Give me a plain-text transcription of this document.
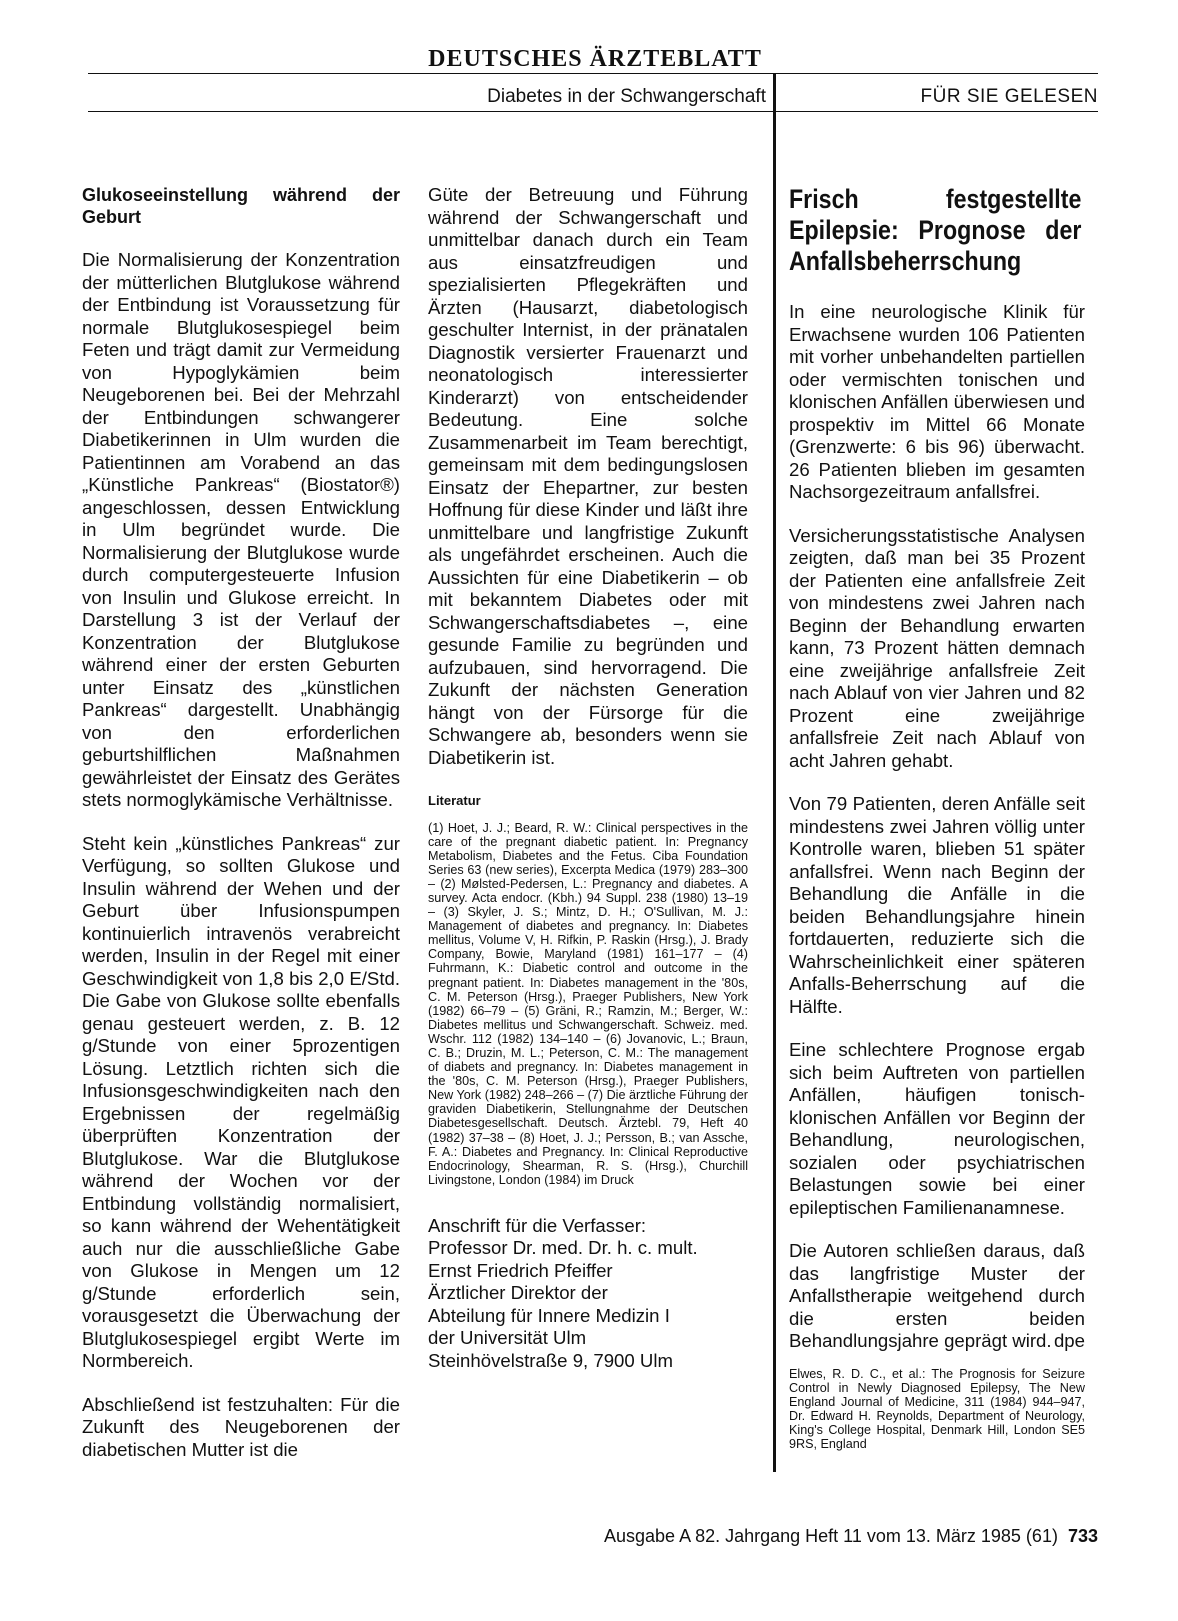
DEUTSCHES ÄRZTEBLATT
Diabetes in der Schwangerschaft	FÜR SIE GELESEN

Glukoseeinstellung während der Geburt

Die Normalisierung der Konzentration der mütterlichen Blutglukose während der Entbindung ist Voraussetzung für normale Blutglukosespiegel beim Feten und trägt damit zur Vermeidung von Hypoglykämien beim Neugeborenen bei. Bei der Mehrzahl der Entbindungen schwangerer Diabetikerinnen in Ulm wurden die Patientinnen am Vorabend an das „Künstliche Pankreas“ (Biostator®) angeschlossen, dessen Entwicklung in Ulm begründet wurde. Die Normalisierung der Blutglukose wurde durch computergesteuerte Infusion von Insulin und Glukose erreicht. In Darstellung 3 ist der Verlauf der Konzentration der Blutglukose während einer der ersten Geburten unter Einsatz des „künstlichen Pankreas“ dargestellt. Unabhängig von den erforderlichen geburtshilflichen Maßnahmen gewährleistet der Einsatz des Gerätes stets normoglykämische Verhältnisse.

Steht kein „künstliches Pankreas“ zur Verfügung, so sollten Glukose und Insulin während der Wehen und der Geburt über Infusionspumpen kontinuierlich intravenös verabreicht werden, Insulin in der Regel mit einer Geschwindigkeit von 1,8 bis 2,0 E/Std. Die Gabe von Glukose sollte ebenfalls genau gesteuert werden, z. B. 12 g/Stunde von einer 5prozentigen Lösung. Letztlich richten sich die Infusionsgeschwindigkeiten nach den Ergebnissen der regelmäßig überprüften Konzentration der Blutglukose. War die Blutglukose während der Wochen vor der Entbindung vollständig normalisiert, so kann während der Wehentätigkeit auch nur die ausschließliche Gabe von Glukose in Mengen um 12 g/Stunde erforderlich sein, vorausgesetzt die Überwachung der Blutglukosespiegel ergibt Werte im Normbereich.

Abschließend ist festzuhalten: Für die Zukunft des Neugeborenen der diabetischen Mutter ist die

Güte der Betreuung und Führung während der Schwangerschaft und unmittelbar danach durch ein Team aus einsatzfreudigen und spezialisierten Pflegekräften und Ärzten (Hausarzt, diabetologisch geschulter Internist, in der pränatalen Diagnostik versierter Frauenarzt und neonatologisch interessierter Kinderarzt) von entscheidender Bedeutung. Eine solche Zusammenarbeit im Team berechtigt, gemeinsam mit dem bedingungslosen Einsatz der Ehepartner, zur besten Hoffnung für diese Kinder und läßt ihre unmittelbare und langfristige Zukunft als ungefährdet erscheinen. Auch die Aussichten für eine Diabetikerin – ob mit bekanntem Diabetes oder mit Schwangerschaftsdiabetes –, eine gesunde Familie zu begründen und aufzubauen, sind hervorragend. Die Zukunft der nächsten Generation hängt von der Fürsorge für die Schwangere ab, besonders wenn sie Diabetikerin ist.

Literatur
(1) Hoet, J. J.; Beard, R. W.: Clinical perspectives in the care of the pregnant diabetic patient. In: Pregnancy Metabolism, Diabetes and the Fetus. Ciba Foundation Series 63 (new series), Excerpta Medica (1979) 283–300 – (2) Mølsted-Pedersen, L.: Pregnancy and diabetes. A survey. Acta endocr. (Kbh.) 94 Suppl. 238 (1980) 13–19 – (3) Skyler, J. S.; Mintz, D. H.; O'Sullivan, M. J.: Management of diabetes and pregnancy. In: Diabetes mellitus, Volume V, H. Rifkin, P. Raskin (Hrsg.), J. Brady Company, Bowie, Maryland (1981) 161–177 – (4) Fuhrmann, K.: Diabetic control and outcome in the pregnant patient. In: Diabetes management in the '80s, C. M. Peterson (Hrsg.), Praeger Publishers, New York (1982) 66–79 – (5) Gräni, R.; Ramzin, M.; Berger, W.: Diabetes mellitus und Schwangerschaft. Schweiz. med. Wschr. 112 (1982) 134–140 – (6) Jovanovic, L.; Braun, C. B.; Druzin, M. L.; Peterson, C. M.: The management of diabets and pregnancy. In: Diabetes management in the '80s, C. M. Peterson (Hrsg.), Praeger Publishers, New York (1982) 248–266 – (7) Die ärztliche Führung der graviden Diabetikerin, Stellungnahme der Deutschen Diabetesgesellschaft. Deutsch. Ärztebl. 79, Heft 40 (1982) 37–38 – (8) Hoet, J. J.; Persson, B.; van Assche, F. A.: Diabetes and Pregnancy. In: Clinical Reproductive Endocrinology, Shearman, R. S. (Hrsg.), Churchill Livingstone, London (1984) im Druck
Anschrift für die Verfasser:
Professor Dr. med. Dr. h. c. mult.
Ernst Friedrich Pfeiffer
Ärztlicher Direktor der
Abteilung für Innere Medizin I
der Universität Ulm
Steinhövelstraße 9, 7900 Ulm
Frisch festgestellte Epilepsie: Prognose der Anfallsbeherrschung

In eine neurologische Klinik für Erwachsene wurden 106 Patienten mit vorher unbehandelten partiellen oder vermischten tonischen und klonischen Anfällen überwiesen und prospektiv im Mittel 66 Monate (Grenzwerte: 6 bis 96) überwacht. 26 Patienten blieben im gesamten Nachsorgezeitraum anfallsfrei.

Versicherungsstatistische Analysen zeigten, daß man bei 35 Prozent der Patienten eine anfallsfreie Zeit von mindestens zwei Jahren nach Beginn der Behandlung erwarten kann, 73 Prozent hätten demnach eine zweijährige anfallsfreie Zeit nach Ablauf von vier Jahren und 82 Prozent eine zweijährige anfallsfreie Zeit nach Ablauf von acht Jahren gehabt.

Von 79 Patienten, deren Anfälle seit mindestens zwei Jahren völlig unter Kontrolle waren, blieben 51 später anfallsfrei. Wenn nach Beginn der Behandlung die Anfälle in die beiden Behandlungsjahre hinein fortdauerten, reduzierte sich die Wahrscheinlichkeit einer späteren Anfalls-Beherrschung auf die Hälfte.

Eine schlechtere Prognose ergab sich beim Auftreten von partiellen Anfällen, häufigen tonisch-klonischen Anfällen vor Beginn der Behandlung, neurologischen, sozialen oder psychiatrischen Belastungen sowie bei einer epileptischen Familienanamnese.

Die Autoren schließen daraus, daß das langfristige Muster der Anfallstherapie weitgehend durch die ersten beiden Behandlungsjahre geprägt wird. dpe

Elwes, R. D. C., et al.: The Prognosis for Seizure Control in Newly Diagnosed Epilepsy, The New England Journal of Medicine, 311 (1984) 944–947, Dr. Edward H. Reynolds, Department of Neurology, King's College Hospital, Denmark Hill, London SE5 9RS, England
Ausgabe A 82. Jahrgang Heft 11 vom 13. März 1985 (61) 733
